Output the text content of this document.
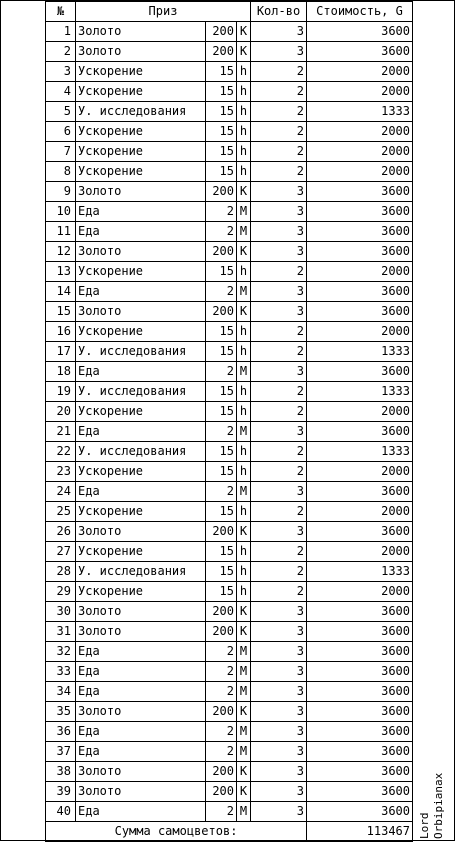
№	Приз			Кол-во	Стоимость, G
1	Золото	200	K	3	3600
2	Золото	200	K	3	3600
3	Ускорение	15	h	2	2000
4	Ускорение	15	h	2	2000
5	У. исследования	15	h	2	1333
6	Ускорение	15	h	2	2000
7	Ускорение	15	h	2	2000
8	Ускорение	15	h	2	2000
9	Золото	200	K	3	3600
10	Еда	2	M	3	3600
11	Еда	2	M	3	3600
12	Золото	200	K	3	3600
13	Ускорение	15	h	2	2000
14	Еда	2	M	3	3600
15	Золото	200	K	3	3600
16	Ускорение	15	h	2	2000
17	У. исследования	15	h	2	1333
18	Еда	2	M	3	3600
19	У. исследования	15	h	2	1333
20	Ускорение	15	h	2	2000
21	Еда	2	M	3	3600
22	У. исследования	15	h	2	1333
23	Ускорение	15	h	2	2000
24	Еда	2	M	3	3600
25	Ускорение	15	h	2	2000
26	Золото	200	K	3	3600
27	Ускорение	15	h	2	2000
28	У. исследования	15	h	2	1333
29	Ускорение	15	h	2	2000
30	Золото	200	K	3	3600
31	Золото	200	K	3	3600
32	Еда	2	M	3	3600
33	Еда	2	M	3	3600
34	Еда	2	M	3	3600
35	Золото	200	K	3	3600
36	Еда	2	M	3	3600
37	Еда	2	M	3	3600
38	Золото	200	K	3	3600
39	Золото	200	K	3	3600
40	Еда	2	M	3	3600
Сумма самоцветов:					113467 Lord Orbipianax
